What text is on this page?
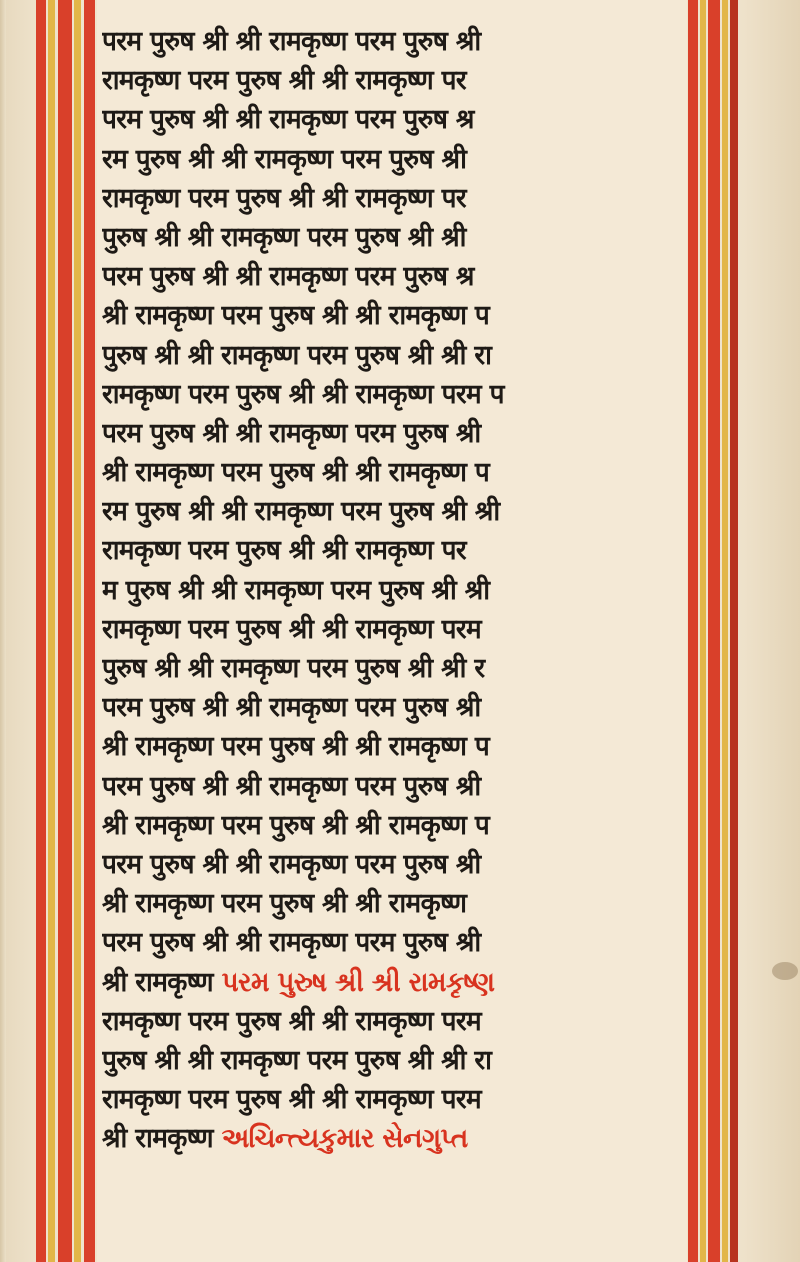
परम पुरुष श्री श्री रामकृष्ण परम पुरुष श्री
रामकृष्ण परम पुरुष श्री श्री रामकृष्ण पर
परम पुरुष श्री श्री रामकृष्ण परम पुरुष श्र
रम पुरुष श्री श्री रामकृष्ण परम पुरुष श्री
रामकृष्ण परम पुरुष श्री श्री रामकृष्ण पर
पुरुष श्री श्री रामकृष्ण परम पुरुष श्री श्री
परम पुरुष श्री श्री रामकृष्ण परम पुरुष श्र
श्री रामकृष्ण परम पुरुष श्री श्री रामकृष्ण प
पुरुष श्री श्री रामकृष्ण परम पुरुष श्री श्री रा
रामकृष्ण परम पुरुष श्री श्री रामकृष्ण परम प
परम पुरुष श्री श्री रामकृष्ण परम पुरुष श्री
श्री रामकृष्ण परम पुरुष श्री श्री रामकृष्ण प
रम पुरुष श्री श्री रामकृष्ण परम पुरुष श्री श्री
रामकृष्ण परम पुरुष श्री श्री रामकृष्ण पर
म पुरुष श्री श्री रामकृष्ण परम पुरुष श्री श्री
रामकृष्ण परम पुरुष श्री श्री रामकृष्ण परम
पुरुष श्री श्री रामकृष्ण परम पुरुष श्री श्री र
परम पुरुष श्री श्री रामकृष्ण परम पुरुष श्री
श्री रामकृष्ण परम पुरुष श्री श्री रामकृष्ण प
परम पुरुष श्री श्री रामकृष्ण परम पुरुष श्री
श्री रामकृष्ण परम पुरुष श्री श्री रामकृष्ण प
परम पुरुष श्री श्री रामकृष्ण परम पुरुष श्री
श्री रामकृष्ण परम पुरुष श्री श्री रामकृष्ण
परम पुरुष श्री श्री रामकृष्ण परम पुरुष श्री
श्री रामकृष्ण પરમ પુરુષ શ્રી શ્રી રામકૃષ્ણ
रामकृष्ण परम पुरुष श्री श्री रामकृष्ण परम
पुरुष श्री श्री रामकृष्ण परम पुरुष श्री श्री रा
रामकृष्ण परम पुरुष श्री श्री रामकृष्ण परम
श्री रामकृष्ण અચિન્ત્યકુમાર સેનગુપ્ત
